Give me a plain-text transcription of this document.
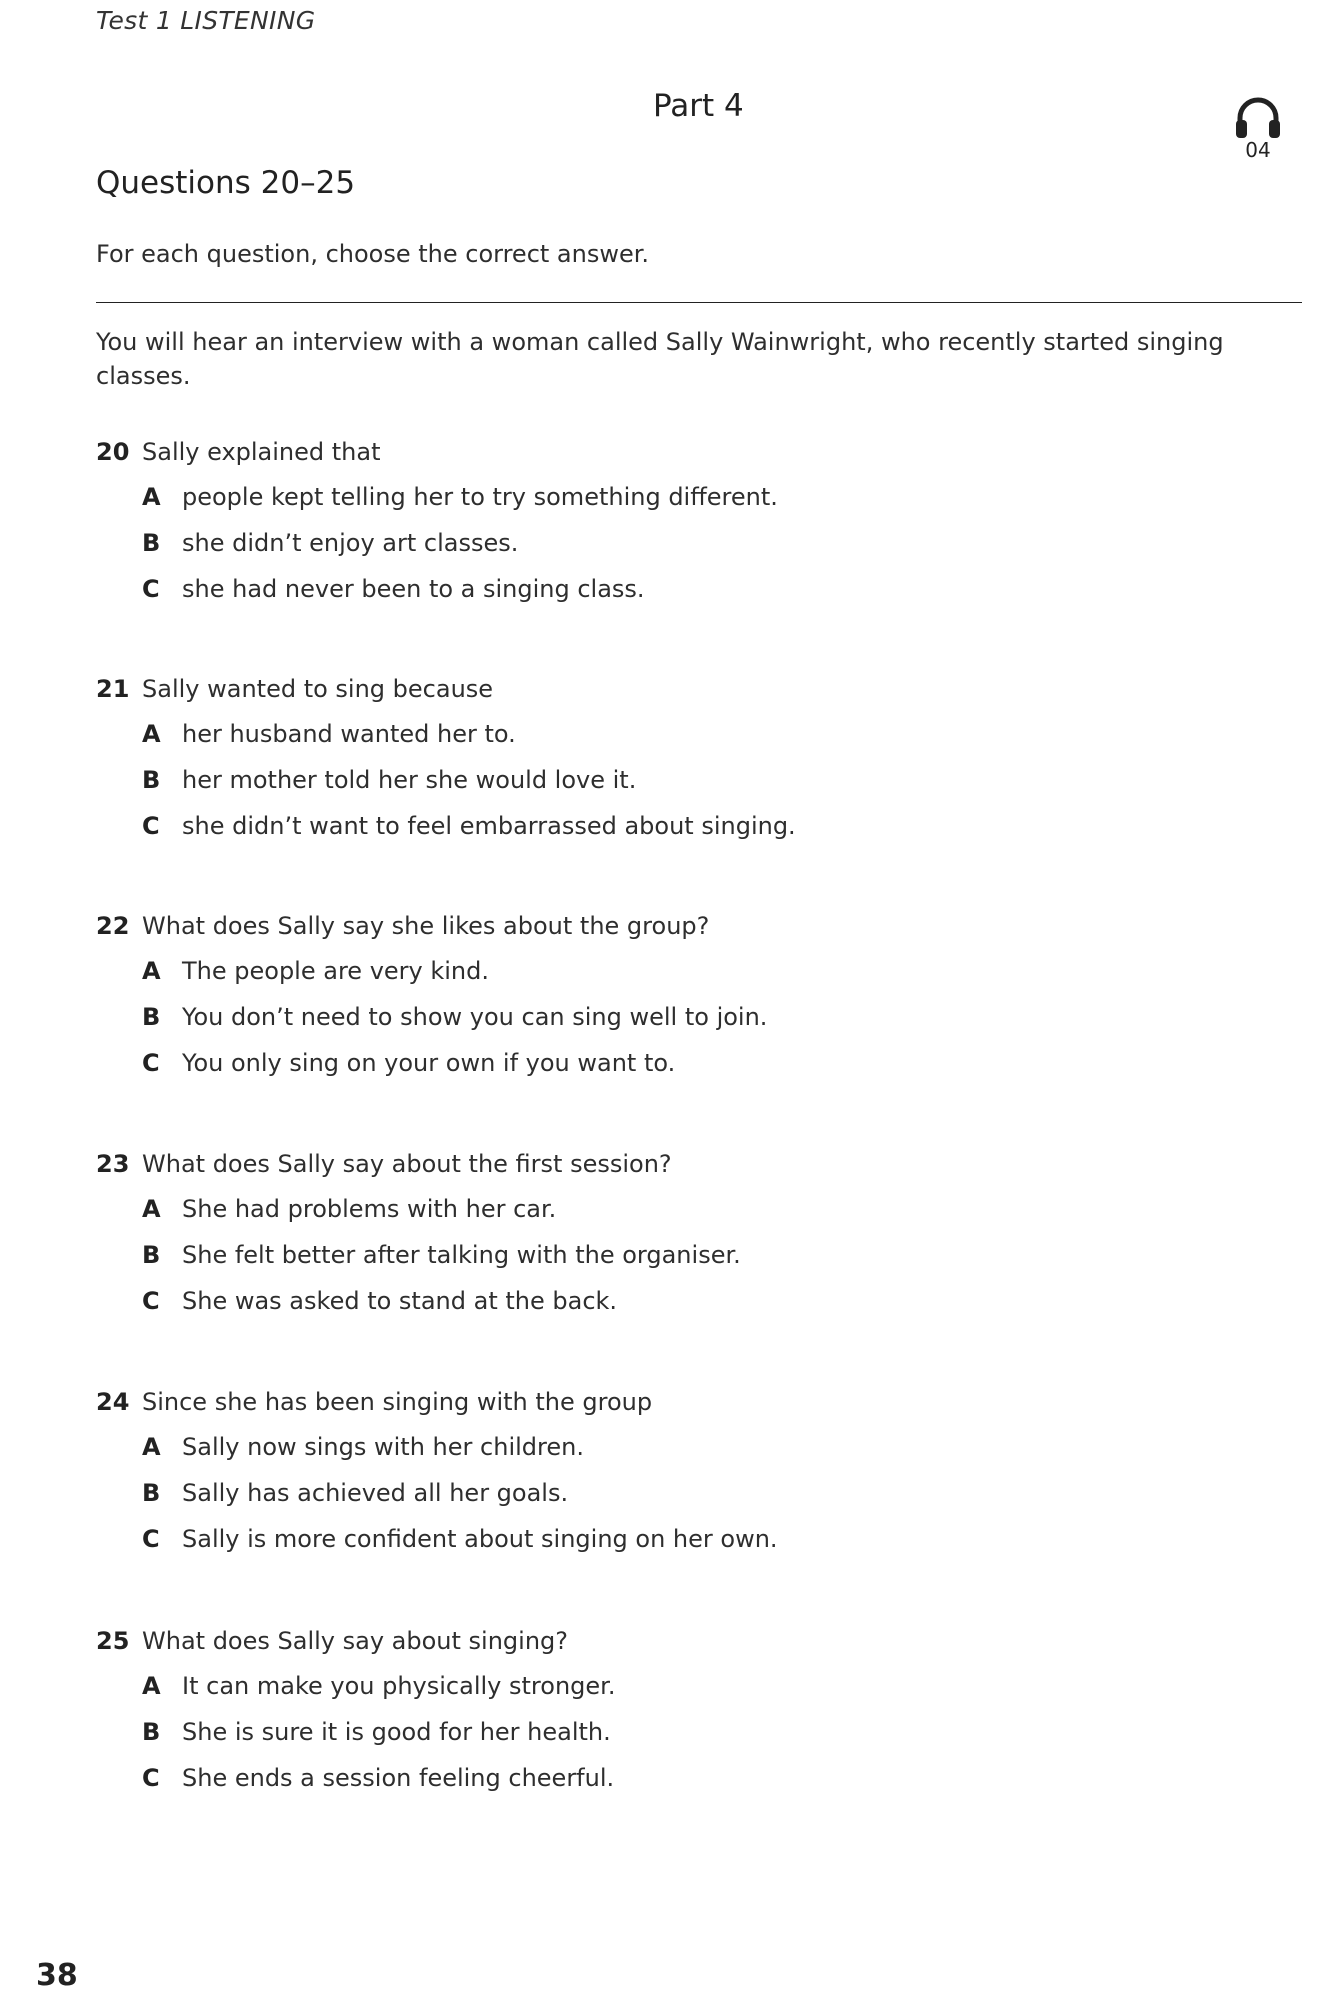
Test 1 LISTENING
Part 4
04
Questions 20–25
For each question, choose the correct answer.
You will hear an interview with a woman called Sally Wainwright, who recently started singing classes.
20 Sally explained that
A people kept telling her to try something different.
B she didn’t enjoy art classes.
C she had never been to a singing class.
21 Sally wanted to sing because
A her husband wanted her to.
B her mother told her she would love it.
C she didn’t want to feel embarrassed about singing.
22 What does Sally say she likes about the group?
A The people are very kind.
B You don’t need to show you can sing well to join.
C You only sing on your own if you want to.
23 What does Sally say about the first session?
A She had problems with her car.
B She felt better after talking with the organiser.
C She was asked to stand at the back.
24 Since she has been singing with the group
A Sally now sings with her children.
B Sally has achieved all her goals.
C Sally is more confident about singing on her own.
25 What does Sally say about singing?
A It can make you physically stronger.
B She is sure it is good for her health.
C She ends a session feeling cheerful.
38
